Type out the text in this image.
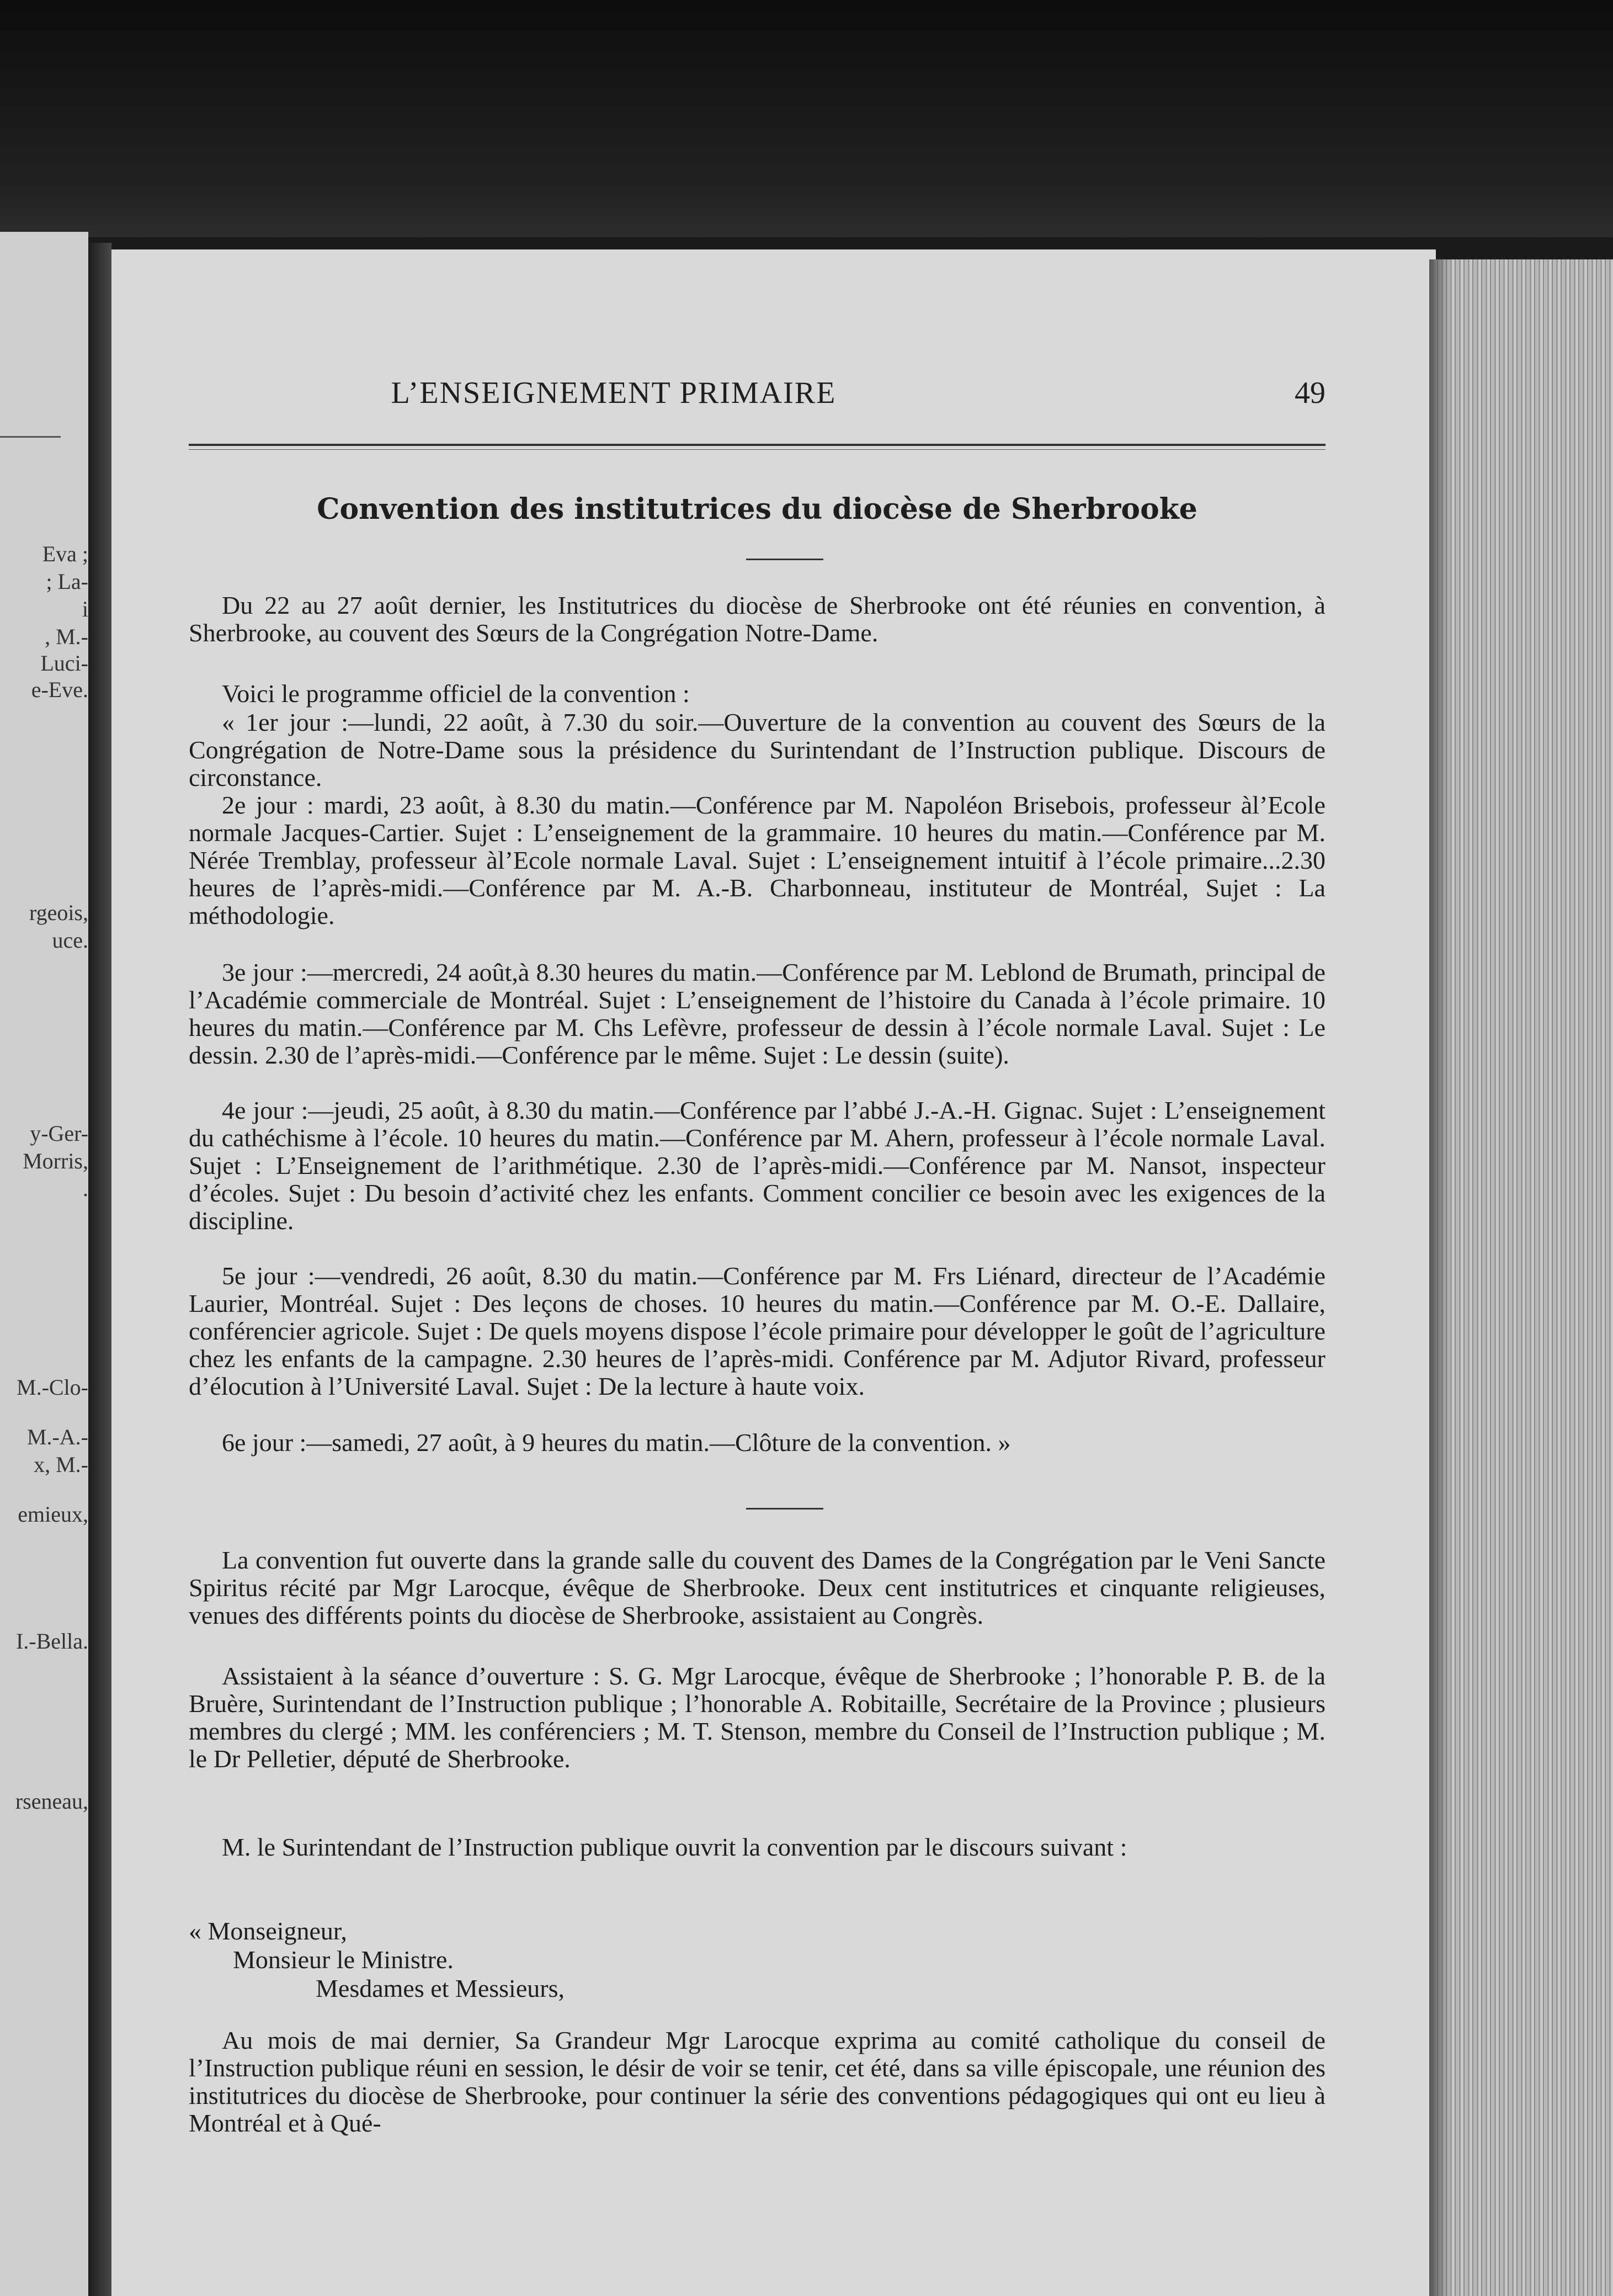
Eva ;
; La-
i
, M.-
Luci-
e-Eve.
rgeois,
uce.
y-Ger-
Morris,
.
M.-Clo-
M.-A.-
x, M.-
emieux,
I.-Bella.
rseneau,
L’ENSEIGNEMENT PRIMAIRE	49
Convention des institutrices du diocèse de Sherbrooke
Du 22 au 27 août dernier, les Institutrices du diocèse de Sherbrooke ont été réunies en convention, à Sherbrooke, au couvent des Sœurs de la Congrégation Notre-Dame.
Voici le programme officiel de la convention :
« 1er jour :—lundi, 22 août, à 7.30 du soir.—Ouverture de la convention au couvent des Sœurs de la Congrégation de Notre-Dame sous la présidence du Surintendant de l’Instruction publique. Discours de circonstance.
2e jour : mardi, 23 août, à 8.30 du matin.—Conférence par M. Napoléon Brisebois, professeur àl’Ecole normale Jacques-Cartier. Sujet : L’enseignement de la grammaire. 10 heures du matin.—Conférence par M. Nérée Tremblay, professeur àl’Ecole normale Laval. Sujet : L’enseignement intuitif à l’école primaire...2.30 heures de l’après-midi.—Conférence par M. A.-B. Charbonneau, instituteur de Montréal, Sujet : La méthodologie.
3e jour :—mercredi, 24 août,à 8.30 heures du matin.—Conférence par M. Leblond de Brumath, principal de l’Académie commerciale de Montréal. Sujet : L’enseignement de l’histoire du Canada à l’école primaire. 10 heures du matin.—Conférence par M. Chs Lefèvre, professeur de dessin à l’école normale Laval. Sujet : Le dessin. 2.30 de l’après-midi.—Conférence par le même. Sujet : Le dessin (suite).
4e jour :—jeudi, 25 août, à 8.30 du matin.—Conférence par l’abbé J.-A.-H. Gignac. Sujet : L’enseignement du cathéchisme à l’école. 10 heures du matin.—Conférence par M. Ahern, professeur à l’école normale Laval. Sujet : L’Enseignement de l’arithmétique. 2.30 de l’après-midi.—Conférence par M. Nansot, inspecteur d’écoles. Sujet : Du besoin d’activité chez les enfants. Comment concilier ce besoin avec les exigences de la discipline.
5e jour :—vendredi, 26 août, 8.30 du matin.—Conférence par M. Frs Liénard, directeur de l’Académie Laurier, Montréal. Sujet : Des leçons de choses. 10 heures du matin.—Conférence par M. O.-E. Dallaire, conférencier agricole. Sujet : De quels moyens dispose l’école primaire pour développer le goût de l’agriculture chez les enfants de la campagne. 2.30 heures de l’après-midi. Conférence par M. Adjutor Rivard, professeur d’élocution à l’Université Laval. Sujet : De la lecture à haute voix.
6e jour :—samedi, 27 août, à 9 heures du matin.—Clôture de la convention. »
La convention fut ouverte dans la grande salle du couvent des Dames de la Congrégation par le Veni Sancte Spiritus récité par Mgr Larocque, évêque de Sherbrooke. Deux cent institutrices et cinquante religieuses, venues des différents points du diocèse de Sherbrooke, assistaient au Congrès.
Assistaient à la séance d’ouverture : S. G. Mgr Larocque, évêque de Sherbrooke ; l’honorable P. B. de la Bruère, Surintendant de l’Instruction publique ; l’honorable A. Robitaille, Secrétaire de la Province ; plusieurs membres du clergé ; MM. les conférenciers ; M. T. Stenson, membre du Conseil de l’Instruction publique ; M. le Dr Pelletier, député de Sherbrooke.
M. le Surintendant de l’Instruction publique ouvrit la convention par le discours suivant :
« Monseigneur,
Monsieur le Ministre.
Mesdames et Messieurs,
Au mois de mai dernier, Sa Grandeur Mgr Larocque exprima au comité catholique du conseil de l’Instruction publique réuni en session, le désir de voir se tenir, cet été, dans sa ville épiscopale, une réunion des institutrices du diocèse de Sherbrooke, pour continuer la série des conventions pédagogiques qui ont eu lieu à Montréal et à Qué-
